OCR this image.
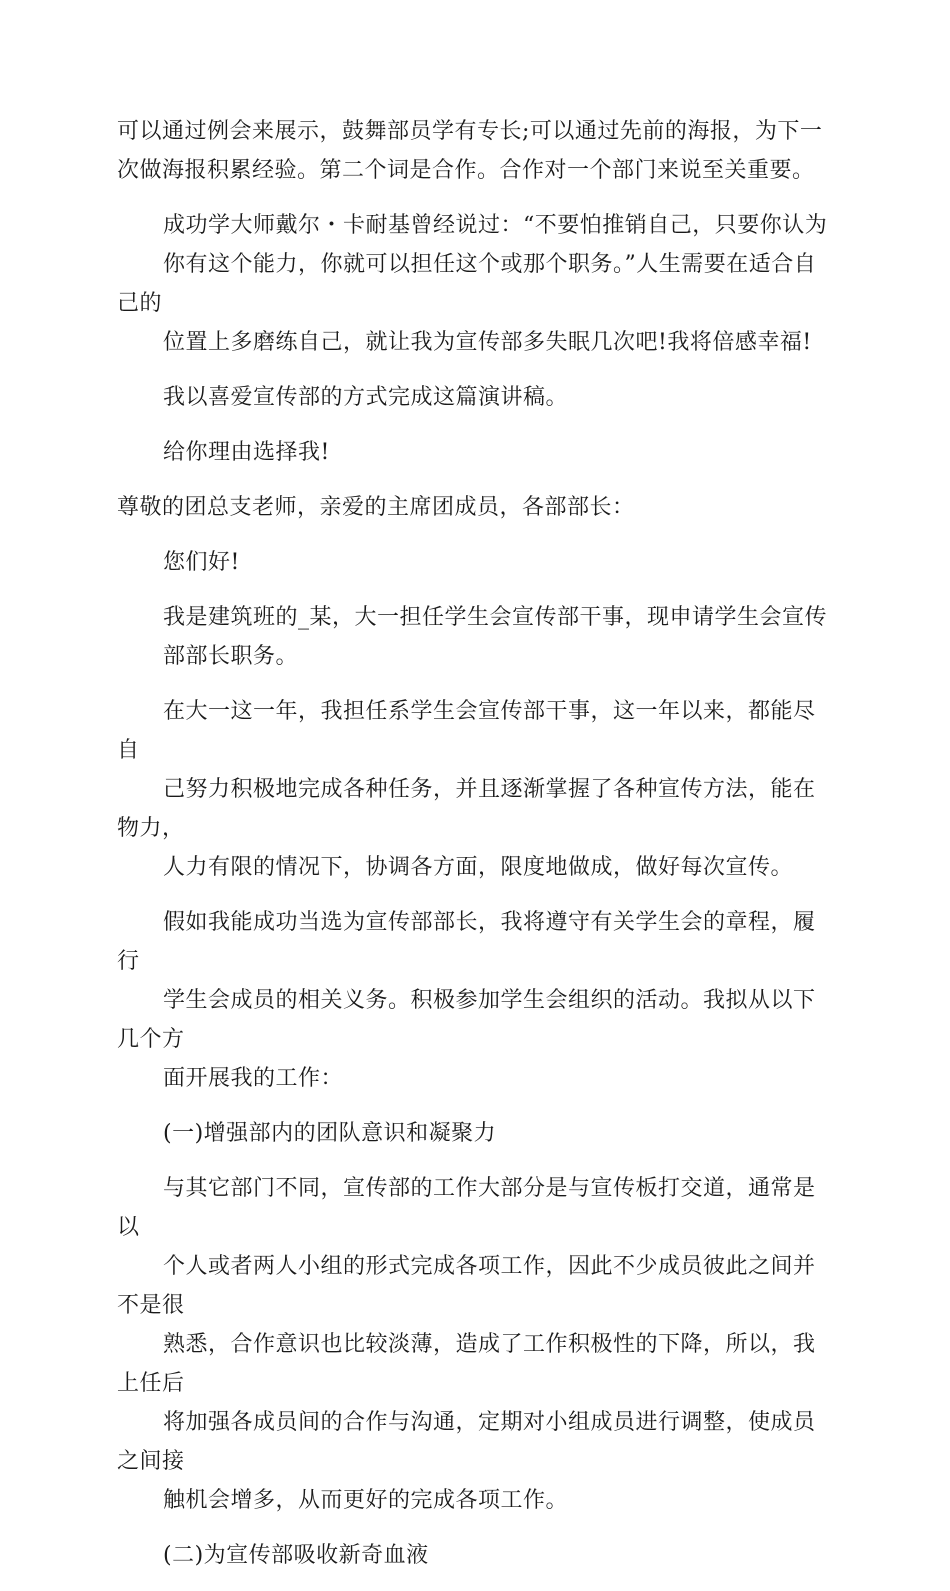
可以通过例会来展示，鼓舞部员学有专长;可以通过先前的海报，为下一
次做海报积累经验。第二个词是合作。合作对一个部门来说至关重要。
成功学大师戴尔・卡耐基曾经说过：“不要怕推销自己，只要你认为
你有这个能力，你就可以担任这个或那个职务。”人生需要在适合自己的
位置上多磨练自己，就让我为宣传部多失眠几次吧!我将倍感幸福!
我以喜爱宣传部的方式完成这篇演讲稿。
给你理由选择我!
尊敬的团总支老师，亲爱的主席团成员，各部部长：
您们好!
我是建筑班的_某，大一担任学生会宣传部干事，现申请学生会宣传
部部长职务。
在大一这一年，我担任系学生会宣传部干事，这一年以来，都能尽自
己努力积极地完成各种任务，并且逐渐掌握了各种宣传方法，能在物力，
人力有限的情况下，协调各方面，限度地做成，做好每次宣传。
假如我能成功当选为宣传部部长，我将遵守有关学生会的章程，履行
学生会成员的相关义务。积极参加学生会组织的活动。我拟从以下几个方
面开展我的工作：
(一)增强部内的团队意识和凝聚力
与其它部门不同，宣传部的工作大部分是与宣传板打交道，通常是以
个人或者两人小组的形式完成各项工作，因此不少成员彼此之间并不是很
熟悉，合作意识也比较淡薄，造成了工作积极性的下降，所以，我上任后
将加强各成员间的合作与沟通，定期对小组成员进行调整，使成员之间接
触机会增多，从而更好的完成各项工作。
(二)为宣传部吸收新奇血液
